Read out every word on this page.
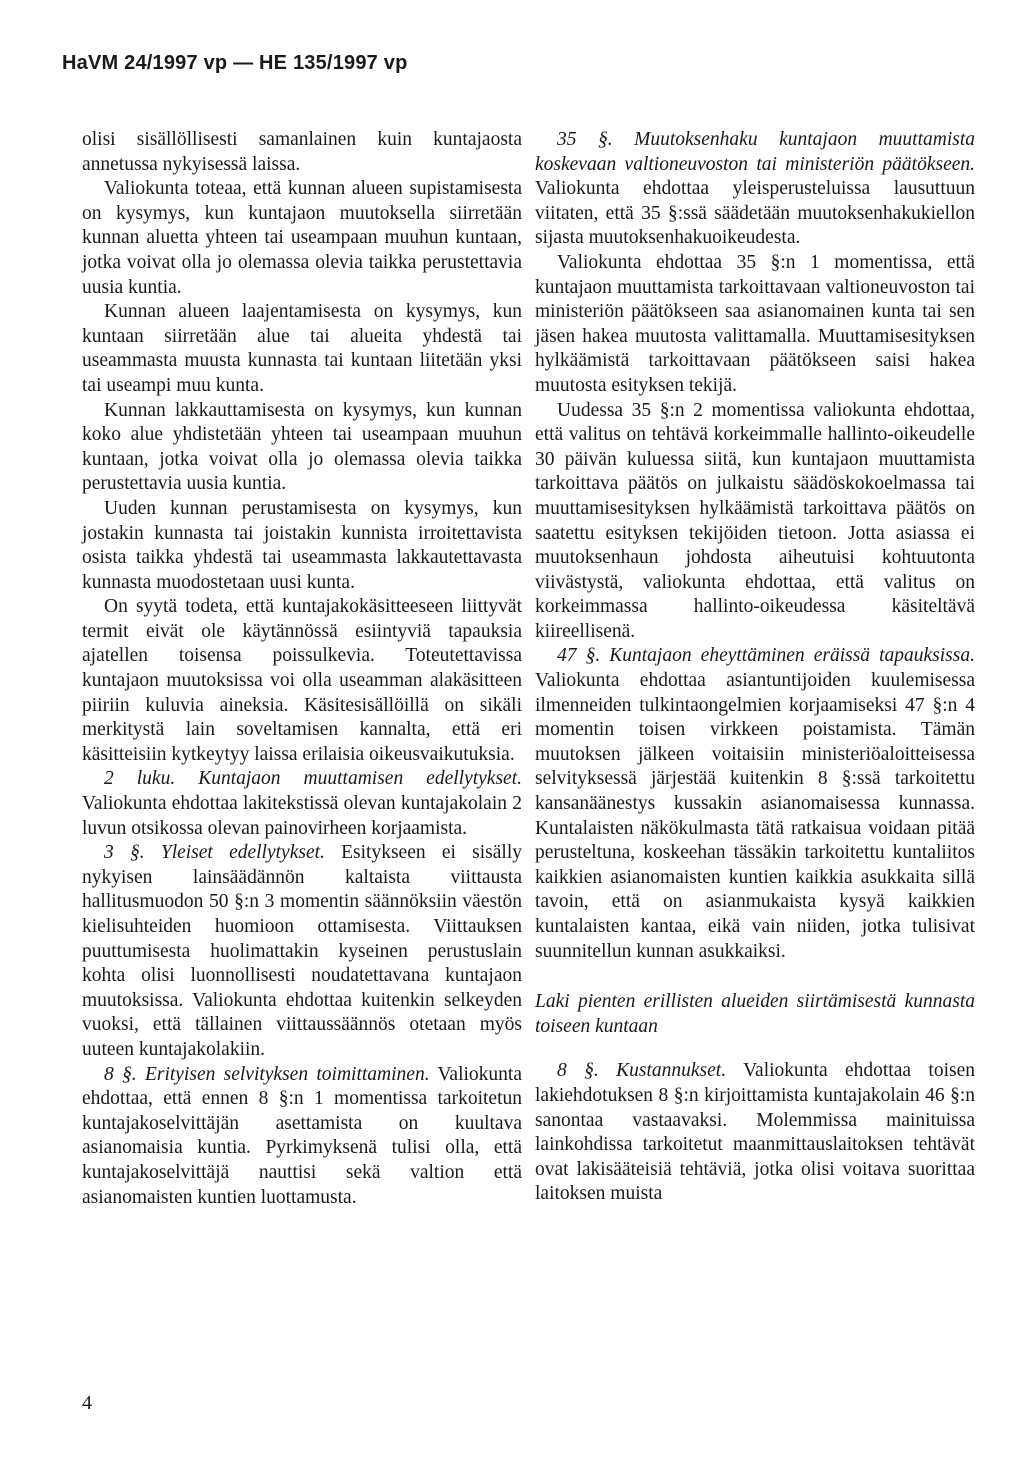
HaVM 24/1997 vp — HE 135/1997 vp

olisi sisällöllisesti samanlainen kuin kuntajaosta annetussa nykyisessä laissa.

Valiokunta toteaa, että kunnan alueen supistamisesta on kysymys, kun kuntajaon muutoksella siirretään kunnan aluetta yhteen tai useampaan muuhun kuntaan, jotka voivat olla jo olemassa olevia taikka perustettavia uusia kuntia.

Kunnan alueen laajentamisesta on kysymys, kun kuntaan siirretään alue tai alueita yhdestä tai useammasta muusta kunnasta tai kuntaan liitetään yksi tai useampi muu kunta.

Kunnan lakkauttamisesta on kysymys, kun kunnan koko alue yhdistetään yhteen tai useampaan muuhun kuntaan, jotka voivat olla jo olemassa olevia taikka perustettavia uusia kuntia.

Uuden kunnan perustamisesta on kysymys, kun jostakin kunnasta tai joistakin kunnista irroitettavista osista taikka yhdestä tai useammasta lakkautettavasta kunnasta muodostetaan uusi kunta.

On syytä todeta, että kuntajakokäsitteeseen liittyvät termit eivät ole käytännössä esiintyviä tapauksia ajatellen toisensa poissulkevia. Toteutettavissa kuntajaon muutoksissa voi olla useamman alakäsitteen piiriin kuluvia aineksia. Käsitesisällöillä on sikäli merkitystä lain soveltamisen kannalta, että eri käsitteisiin kytkeytyy laissa erilaisia oikeusvaikutuksia.

2 luku. Kuntajaon muuttamisen edellytykset. Valiokunta ehdottaa lakitekstissä olevan kuntajakolain 2 luvun otsikossa olevan painovirheen korjaamista.

3 §. Yleiset edellytykset. Esitykseen ei sisälly nykyisen lainsäädännön kaltaista viittausta hallitusmuodon 50 §:n 3 momentin säännöksiin väestön kielisuhteiden huomioon ottamisesta. Viittauksen puuttumisesta huolimattakin kyseinen perustuslain kohta olisi luonnollisesti noudatettavana kuntajaon muutoksissa. Valiokunta ehdottaa kuitenkin selkeyden vuoksi, että tällainen viittaussäännös otetaan myös uuteen kuntajakolakiin.

8 §. Erityisen selvityksen toimittaminen. Valiokunta ehdottaa, että ennen 8 §:n 1 momentissa tarkoitetun kuntajakoselvittäjän asettamista on kuultava asianomaisia kuntia. Pyrkimyksenä tulisi olla, että kuntajakoselvittäjä nauttisi sekä valtion että asianomaisten kuntien luottamusta.

35 §. Muutoksenhaku kuntajaon muuttamista koskevaan valtioneuvoston tai ministeriön päätökseen. Valiokunta ehdottaa yleisperusteluissa lausuttuun viitaten, että 35 §:ssä säädetään muutoksenhakukiellon sijasta muutoksenhakuoikeudesta.

Valiokunta ehdottaa 35 §:n 1 momentissa, että kuntajaon muuttamista tarkoittavaan valtioneuvoston tai ministeriön päätökseen saa asianomainen kunta tai sen jäsen hakea muutosta valittamalla. Muuttamisesityksen hylkäämistä tarkoittavaan päätökseen saisi hakea muutosta esityksen tekijä.

Uudessa 35 §:n 2 momentissa valiokunta ehdottaa, että valitus on tehtävä korkeimmalle hallinto-oikeudelle 30 päivän kuluessa siitä, kun kuntajaon muuttamista tarkoittava päätös on julkaistu säädöskokoelmassa tai muuttamisesityksen hylkäämistä tarkoittava päätös on saatettu esityksen tekijöiden tietoon. Jotta asiassa ei muutoksenhaun johdosta aiheutuisi kohtuutonta viivästystä, valiokunta ehdottaa, että valitus on korkeimmassa hallinto-oikeudessa käsiteltävä kiireellisenä.

47 §. Kuntajaon eheyttäminen eräissä tapauksissa. Valiokunta ehdottaa asiantuntijoiden kuulemisessa ilmenneiden tulkintaongelmien korjaamiseksi 47 §:n 4 momentin toisen virkkeen poistamista. Tämän muutoksen jälkeen voitaisiin ministeriöaloitteisessa selvityksessä järjestää kuitenkin 8 §:ssä tarkoitettu kansanäänestys kussakin asianomaisessa kunnassa. Kuntalaisten näkökulmasta tätä ratkaisua voidaan pitää perusteltuna, koskeehan tässäkin tarkoitettu kuntaliitos kaikkien asianomaisten kuntien kaikkia asukkaita sillä tavoin, että on asianmukaista kysyä kaikkien kuntalaisten kantaa, eikä vain niiden, jotka tulisivat suunnitellun kunnan asukkaiksi.

Laki pienten erillisten alueiden siirtämisestä kunnasta toiseen kuntaan

8 §. Kustannukset. Valiokunta ehdottaa toisen lakiehdotuksen 8 §:n kirjoittamista kuntajakolain 46 §:n sanontaa vastaavaksi. Molemmissa mainituissa lainkohdissa tarkoitetut maanmittauslaitoksen tehtävät ovat lakisääteisiä tehtäviä, jotka olisi voitava suorittaa laitoksen muista

4
